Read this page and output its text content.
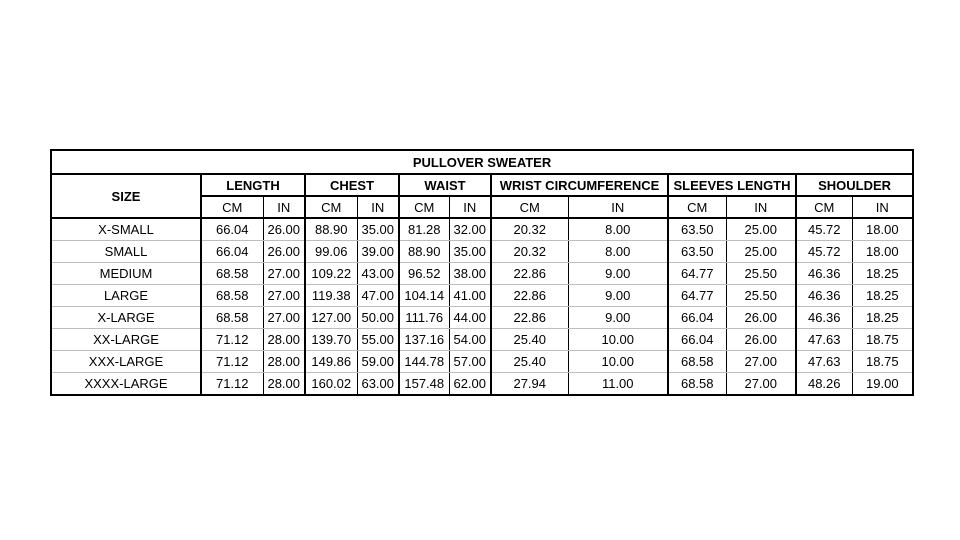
PULLOVER SWEATER												
SIZE	LENGTH		CHEST		WAIST		WRIST CIRCUMFERENCE		SLEEVES LENGTH		SHOULDER	
	CM	IN	CM	IN	CM	IN	CM	IN	CM	IN	CM	IN
X-SMALL	66.04	26.00	88.90	35.00	81.28	32.00	20.32	8.00	63.50	25.00	45.72	18.00
SMALL	66.04	26.00	99.06	39.00	88.90	35.00	20.32	8.00	63.50	25.00	45.72	18.00
MEDIUM	68.58	27.00	109.22	43.00	96.52	38.00	22.86	9.00	64.77	25.50	46.36	18.25
LARGE	68.58	27.00	119.38	47.00	104.14	41.00	22.86	9.00	64.77	25.50	46.36	18.25
X-LARGE	68.58	27.00	127.00	50.00	111.76	44.00	22.86	9.00	66.04	26.00	46.36	18.25
XX-LARGE	71.12	28.00	139.70	55.00	137.16	54.00	25.40	10.00	66.04	26.00	47.63	18.75
XXX-LARGE	71.12	28.00	149.86	59.00	144.78	57.00	25.40	10.00	68.58	27.00	47.63	18.75
XXXX-LARGE	71.12	28.00	160.02	63.00	157.48	62.00	27.94	11.00	68.58	27.00	48.26	19.00
